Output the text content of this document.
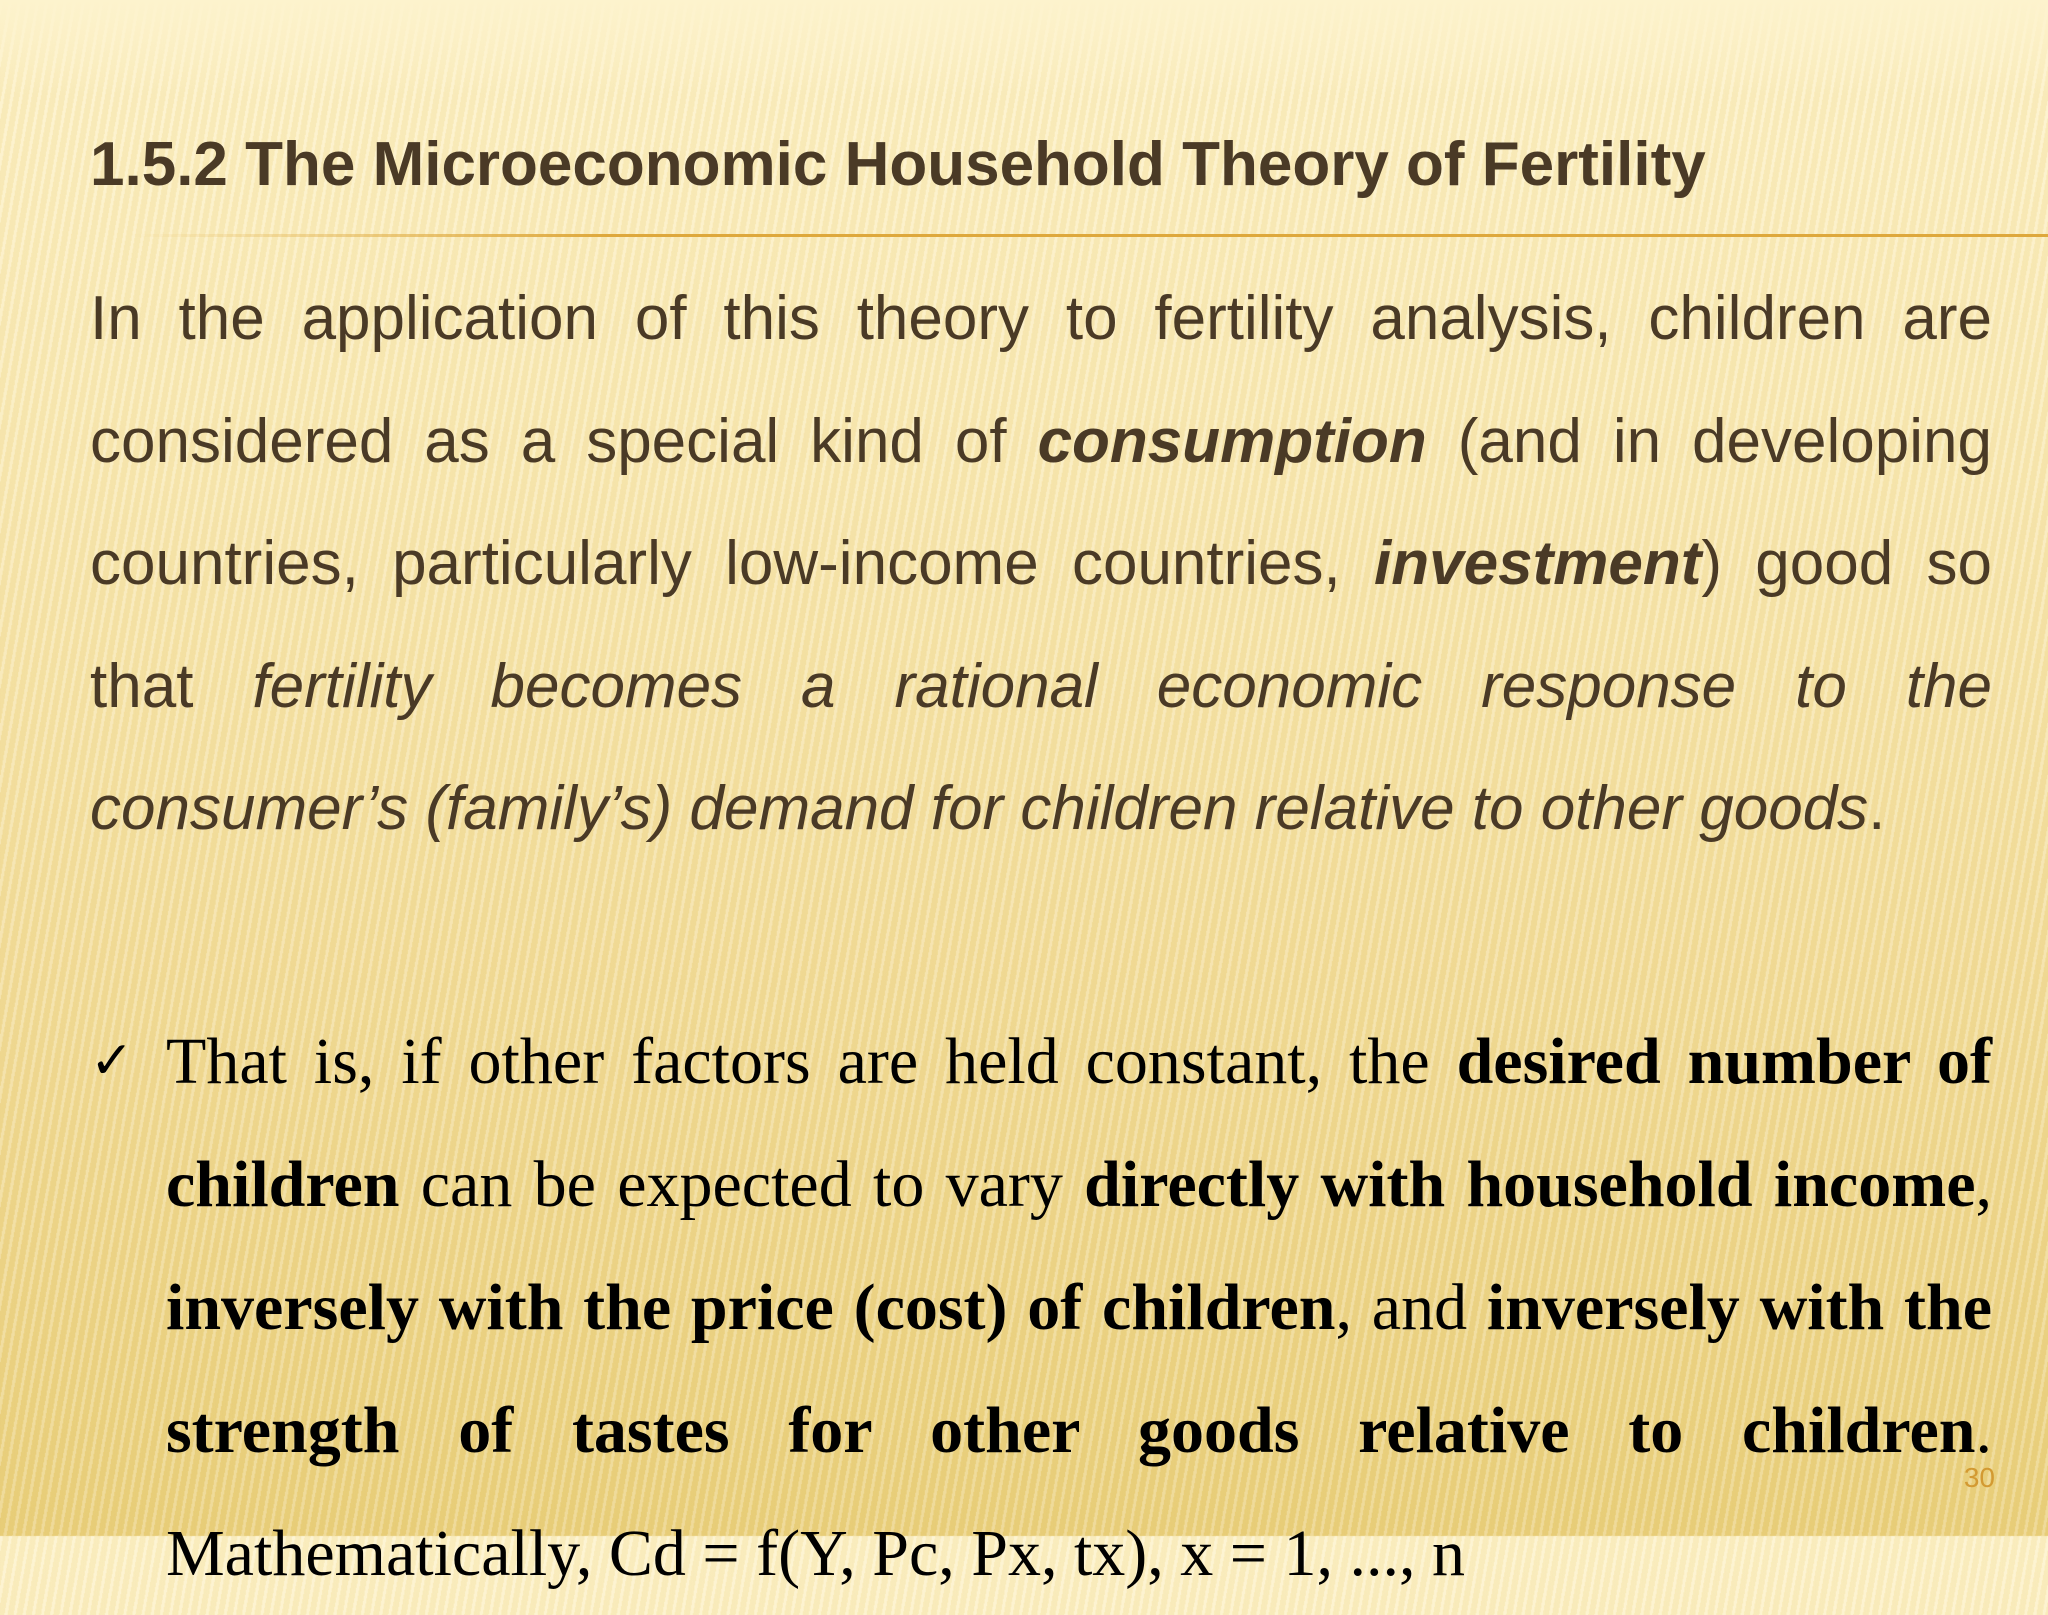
1.5.2 The Microeconomic Household Theory of Fertility

In the application of this theory to fertility analysis, children are considered as a special kind of consumption (and in developing countries, particularly low-income countries, investment) good so that fertility becomes a rational economic response to the consumer’s (family’s) demand for children relative to other goods.

✓ That is, if other factors are held constant, the desired number of children can be expected to vary directly with household income, inversely with the price (cost) of children, and inversely with the strength of tastes for other goods relative to children. Mathematically, Cd = f(Y, Pc, Px, tx), x = 1, ..., n
30
